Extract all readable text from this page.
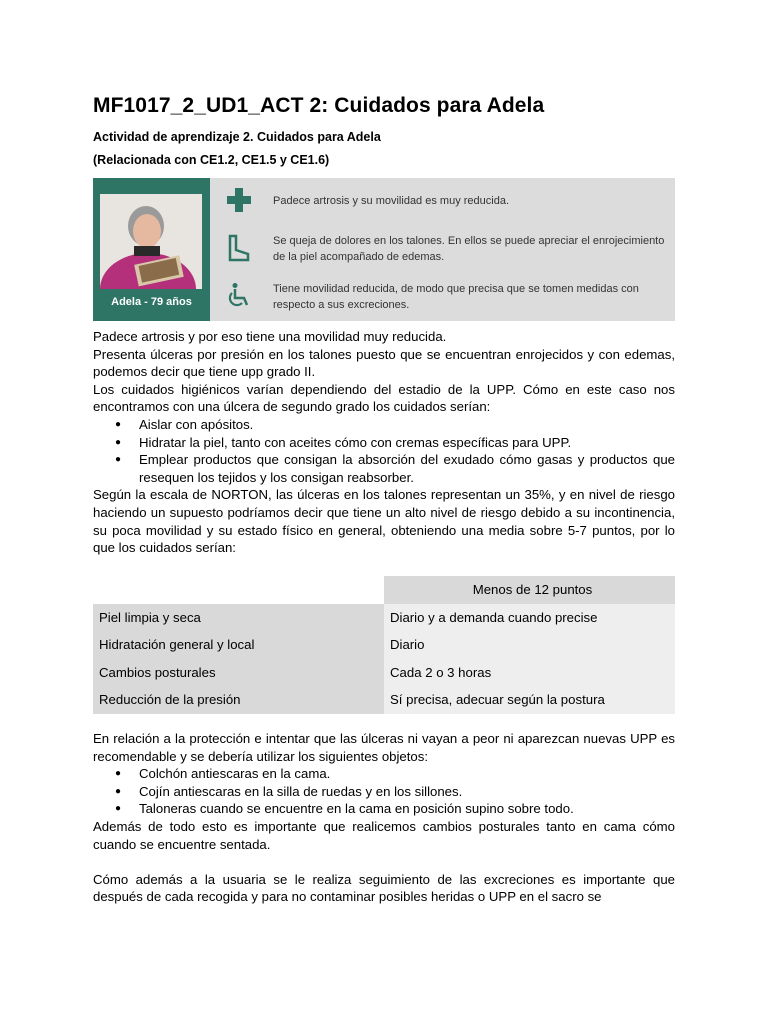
MF1017_2_UD1_ACT 2: Cuidados para Adela

Actividad de aprendizaje 2. Cuidados para Adela

(Relacionada con CE1.2, CE1.5 y CE1.6)

Adela - 79 años
Padece artrosis y su movilidad es muy reducida.
Se queja de dolores en los talones. En ellos se puede apreciar el enrojecimiento de la piel acompañado de edemas.
Tiene movilidad reducida, de modo que precisa que se tomen medidas con respecto a sus excreciones.

Padece artrosis y por eso tiene una movilidad muy reducida.

Presenta úlceras por presión en los talones puesto que se encuentran enrojecidos y con edemas, podemos decir que tiene upp grado II.

Los cuidados higiénicos varían dependiendo del estadio de la UPP. Cómo en este caso nos encontramos con una úlcera de segundo grado los cuidados serían:

● Aislar con apósitos.
● Hidratar la piel, tanto con aceites cómo con cremas específicas para UPP.
● Emplear productos que consigan la absorción del exudado cómo gasas y productos que resequen los tejidos y los consigan reabsorber.

Según la escala de NORTON, las úlceras en los talones representan un 35%, y en nivel de riesgo haciendo un supuesto podríamos decir que tiene un alto nivel de riesgo debido a su incontinencia, su poca movilidad y su estado físico en general, obteniendo una media sobre 5-7 puntos, por lo que los cuidados serían:

	Menos de 12 puntos
Piel limpia y seca	Diario y a demanda cuando precise
Hidratación general y local	Diario
Cambios posturales	Cada 2 o 3 horas
Reducción de la presión	Sí precisa, adecuar según la postura

En relación a la protección e intentar que las úlceras ni vayan a peor ni aparezcan nuevas UPP es recomendable y se debería utilizar los siguientes objetos:

● Colchón antiescaras en la cama.
● Cojín antiescaras en la silla de ruedas y en los sillones.
● Taloneras cuando se encuentre en la cama en posición supino sobre todo.

Además de todo esto es importante que realicemos cambios posturales tanto en cama cómo cuando se encuentre sentada.

Cómo además a la usuaria se le realiza seguimiento de las excreciones es importante que después de cada recogida y para no contaminar posibles heridas o UPP en el sacro se
